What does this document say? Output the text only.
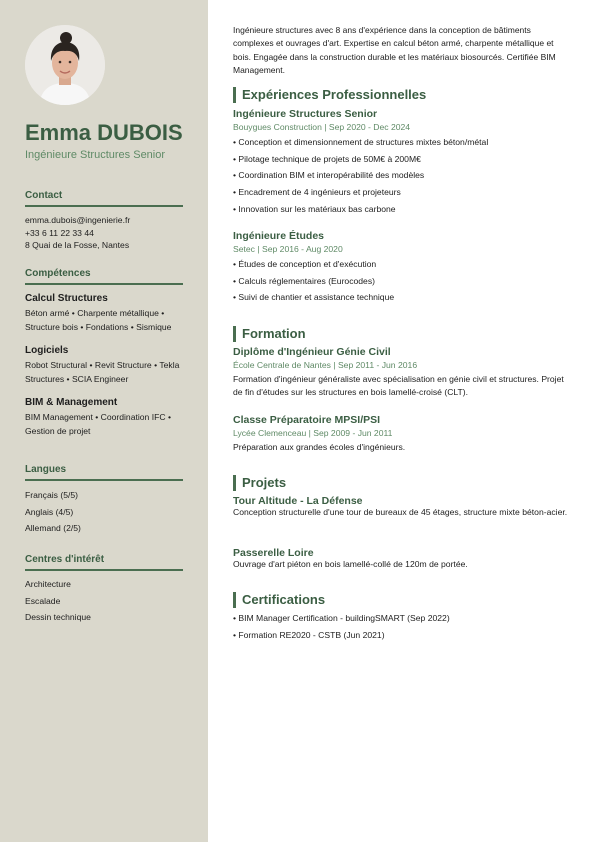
Emma DUBOIS
Ingénieure Structures Senior
Contact
emma.dubois@ingenierie.fr
+33 6 11 22 33 44
8 Quai de la Fosse, Nantes
Compétences
Calcul Structures
Béton armé • Charpente métallique • Structure bois • Fondations • Sismique
Logiciels
Robot Structural • Revit Structure • Tekla Structures • SCIA Engineer
BIM & Management
BIM Management • Coordination IFC • Gestion de projet
Langues
Français (5/5)
Anglais (4/5)
Allemand (2/5)
Centres d'intérêt
Architecture
Escalade
Dessin technique
Ingénieure structures avec 8 ans d'expérience dans la conception de bâtiments complexes et ouvrages d'art. Expertise en calcul béton armé, charpente métallique et bois. Engagée dans la construction durable et les matériaux biosourcés. Certifiée BIM Management.
Expériences Professionnelles
Ingénieure Structures Senior
Bouygues Construction | Sep 2020 - Dec 2024
• Conception et dimensionnement de structures mixtes béton/métal
• Pilotage technique de projets de 50M€ à 200M€
• Coordination BIM et interopérabilité des modèles
• Encadrement de 4 ingénieurs et projeteurs
• Innovation sur les matériaux bas carbone
Ingénieure Études
Setec | Sep 2016 - Aug 2020
• Études de conception et d'exécution
• Calculs réglementaires (Eurocodes)
• Suivi de chantier et assistance technique
Formation
Diplôme d'Ingénieur Génie Civil
École Centrale de Nantes | Sep 2011 - Jun 2016
Formation d'ingénieur généraliste avec spécialisation en génie civil et structures. Projet de fin d'études sur les structures en bois lamellé-croisé (CLT).
Classe Préparatoire MPSI/PSI
Lycée Clemenceau | Sep 2009 - Jun 2011
Préparation aux grandes écoles d'ingénieurs.
Projets
Tour Altitude - La Défense
Conception structurelle d'une tour de bureaux de 45 étages, structure mixte béton-acier.
Passerelle Loire
Ouvrage d'art piéton en bois lamellé-collé de 120m de portée.
Certifications
• BIM Manager Certification - buildingSMART (Sep 2022)
• Formation RE2020 - CSTB (Jun 2021)
